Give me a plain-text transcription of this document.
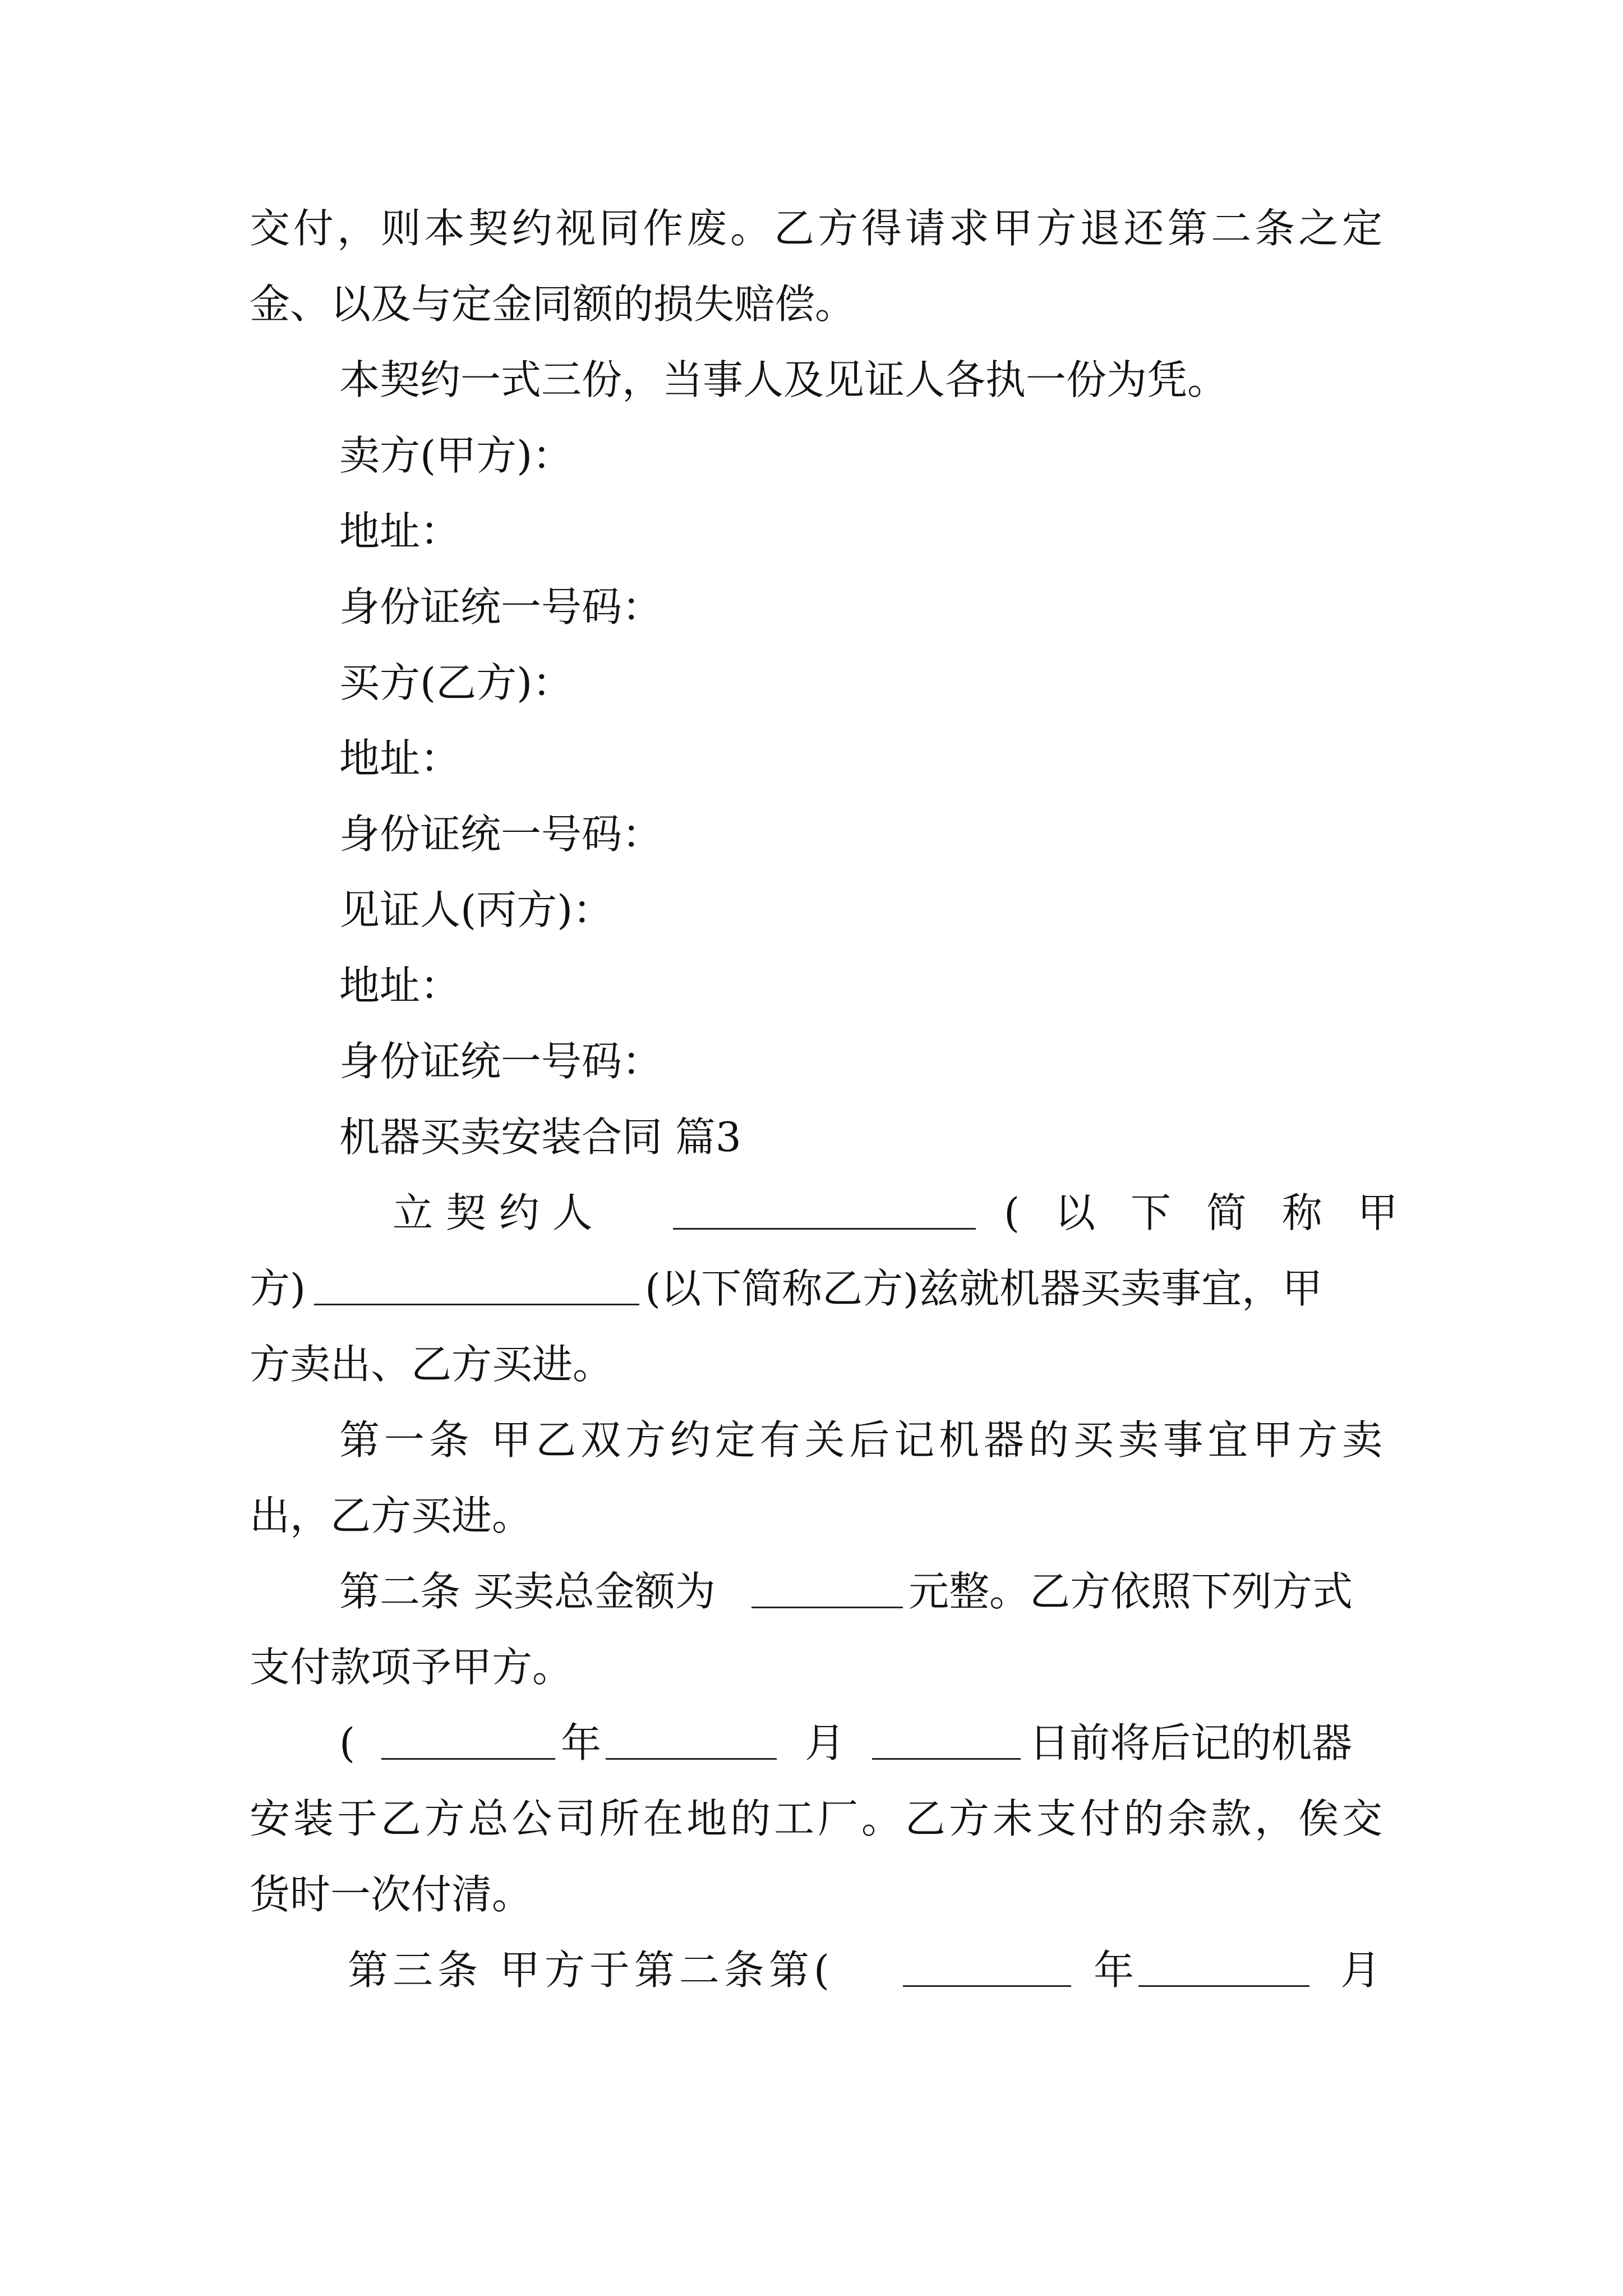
交付，则本契约视同作废。乙方得请求甲方退还第二条之定
金、以及与定金同额的损失赔偿。
本契约一式三份，当事人及见证人各执一份为凭。
卖方(甲方)：
地址：
身份证统一号码：
买方(乙方)：
地址：
身份证统一号码：
见证人(丙方)：
地址：
身份证统一号码：
机器买卖安装合同 篇3
立 契 约 人	( 以 下 简 称 甲
方)	(以下简称乙方)兹就机器买卖事宜，甲
方卖出、乙方买进。
第一条 甲乙双方约定有关后记机器的买卖事宜甲方卖
出，乙方买进。
第二条 买卖总金额为	元整。乙方依照下列方式
支付款项予甲方。
(	年	月	日前将后记的机器
安装于乙方总公司所在地的工厂。乙方未支付的余款，俟交
货时一次付清。
第三条 甲方于第二条第(	年	月
